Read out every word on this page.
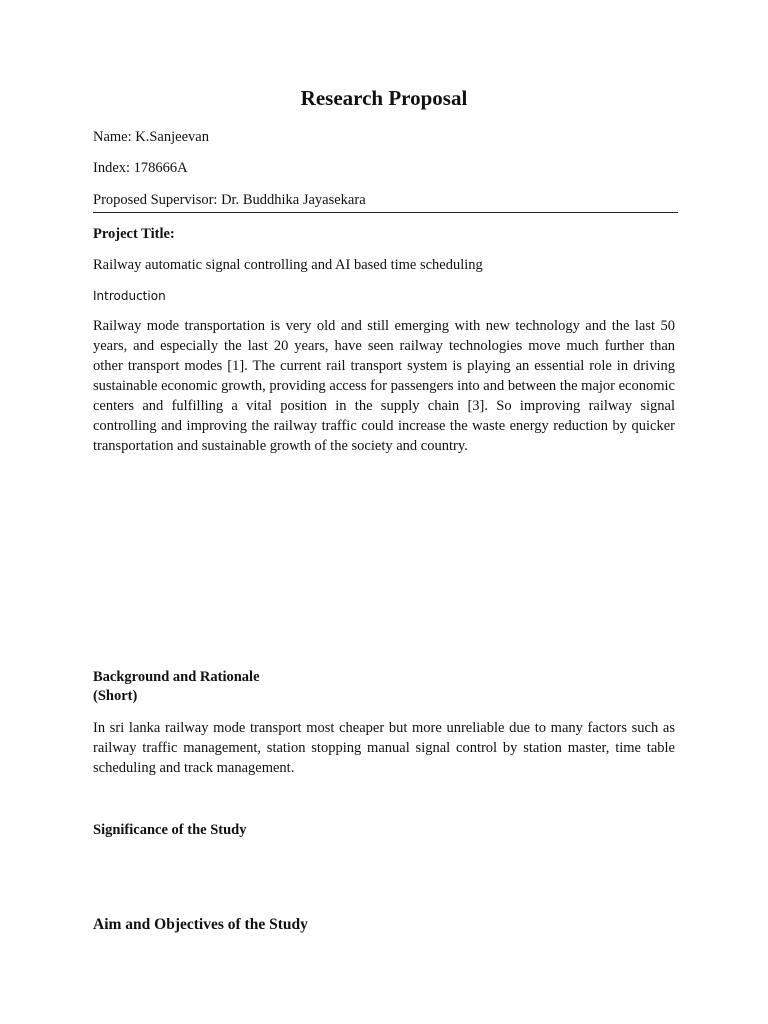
Research Proposal
Name: K.Sanjeevan
Index: 178666A
Proposed Supervisor: Dr. Buddhika Jayasekara
Project Title:
Railway automatic signal controlling and AI based time scheduling
Introduction
Railway mode transportation is very old and still emerging with new technology and the last 50 years, and especially the last 20 years, have seen railway technologies move much further than other transport modes [1]. The current rail transport system is playing an essential role in driving sustainable economic growth, providing access for passengers into and between the major economic centers and fulfilling a vital position in the supply chain [3]. So improving railway signal controlling and improving the railway traffic could increase the waste energy reduction by quicker transportation and sustainable growth of the society and country.
Background and Rationale
(Short)
In sri lanka railway mode transport most cheaper but more unreliable due to many factors such as railway traffic management, station stopping manual signal control by station master, time table scheduling and track management.
Significance of the Study
Aim and Objectives of the Study
